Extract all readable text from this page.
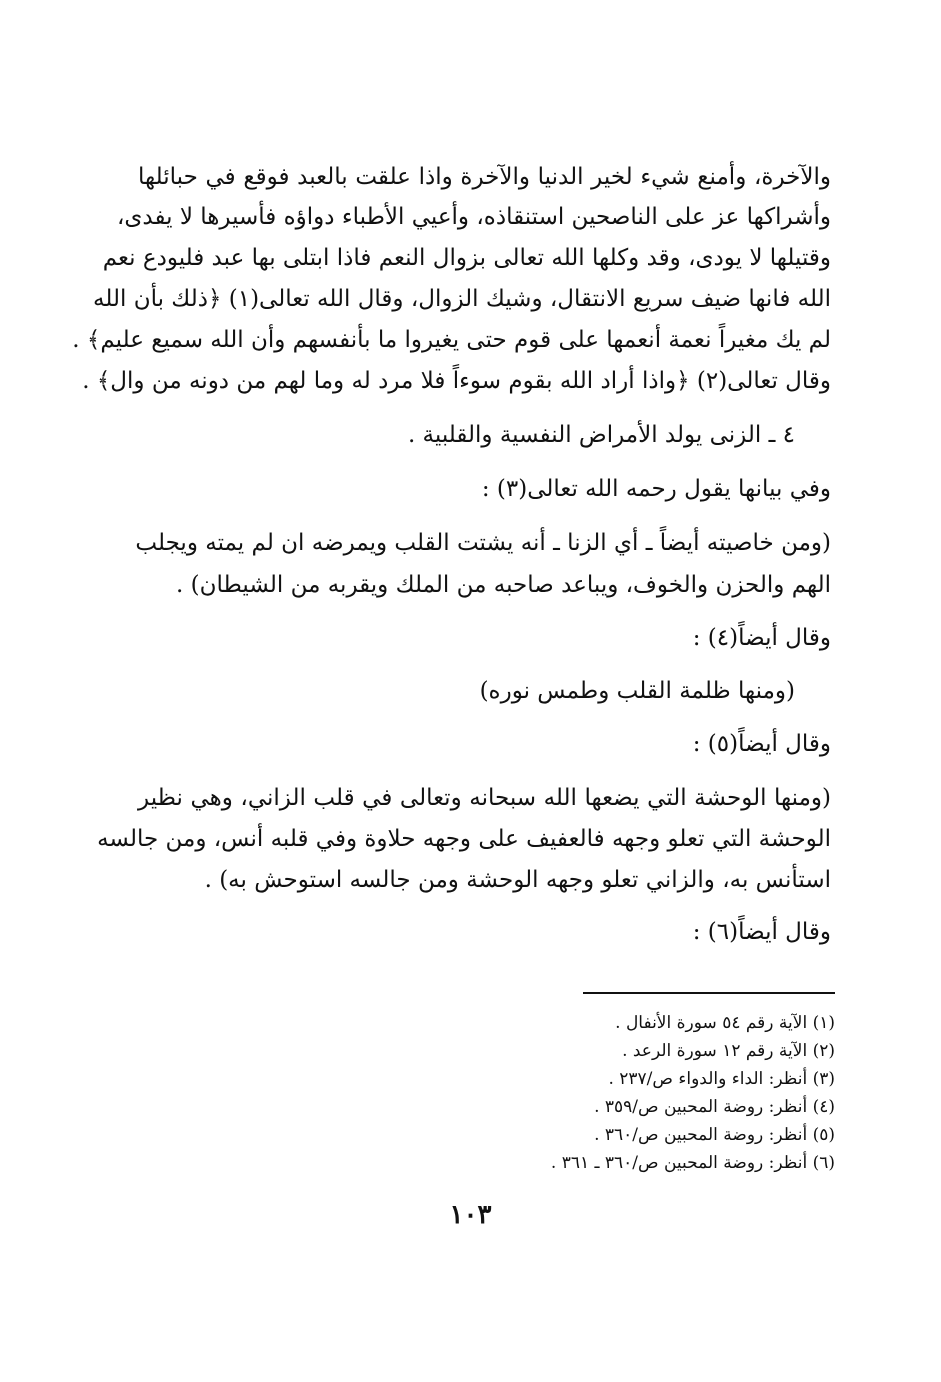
والآخرة، وأمنع شيء لخير الدنيا والآخرة واذا علقت بالعبد فوقع في حبائلها
وأشراكها عز على الناصحين استنقاذه، وأعيي الأطباء دواؤه فأسيرها لا يفدى،
وقتيلها لا يودى، وقد وكلها الله تعالى بزوال النعم فاذا ابتلى بها عبد فليودع نعم
الله فانها ضيف سريع الانتقال، وشيك الزوال، وقال الله تعالى(١) ﴿ذلك بأن الله
لم يك مغيراً نعمة أنعمها على قوم حتى يغيروا ما بأنفسهم وأن الله سميع عليم﴾ .
وقال تعالى(٢) ﴿واذا أراد الله بقوم سوءاً فلا مرد له وما لهم من دونه من وال﴾ .
٤ ـ الزنى يولد الأمراض النفسية والقلبية .
وفي بيانها يقول رحمه الله تعالى(٣) :
(ومن خاصيته أيضاً ـ أي الزنا ـ أنه يشتت القلب ويمرضه ان لم يمته ويجلب
الهم والحزن والخوف، ويباعد صاحبه من الملك ويقربه من الشيطان) .
وقال أيضاً(٤) :
(ومنها ظلمة القلب وطمس نوره)
وقال أيضاً(٥) :
(ومنها الوحشة التي يضعها الله سبحانه وتعالى في قلب الزاني، وهي نظير
الوحشة التي تعلو وجهه فالعفيف على وجهه حلاوة وفي قلبه أنس، ومن جالسه
استأنس به، والزاني تعلو وجهه الوحشة ومن جالسه استوحش به) .
وقال أيضاً(٦) :
(١) الآية رقم ٥٤ سورة الأنفال .
(٢) الآية رقم ١٢ سورة الرعد .
(٣) أنظر: الداء والدواء ص/٢٣٧ .
(٤) أنظر: روضة المحبين ص/٣٥٩ .
(٥) أنظر: روضة المحبين ص/٣٦٠ .
(٦) أنظر: روضة المحبين ص/٣٦٠ ـ ٣٦١ .
١٠٣
